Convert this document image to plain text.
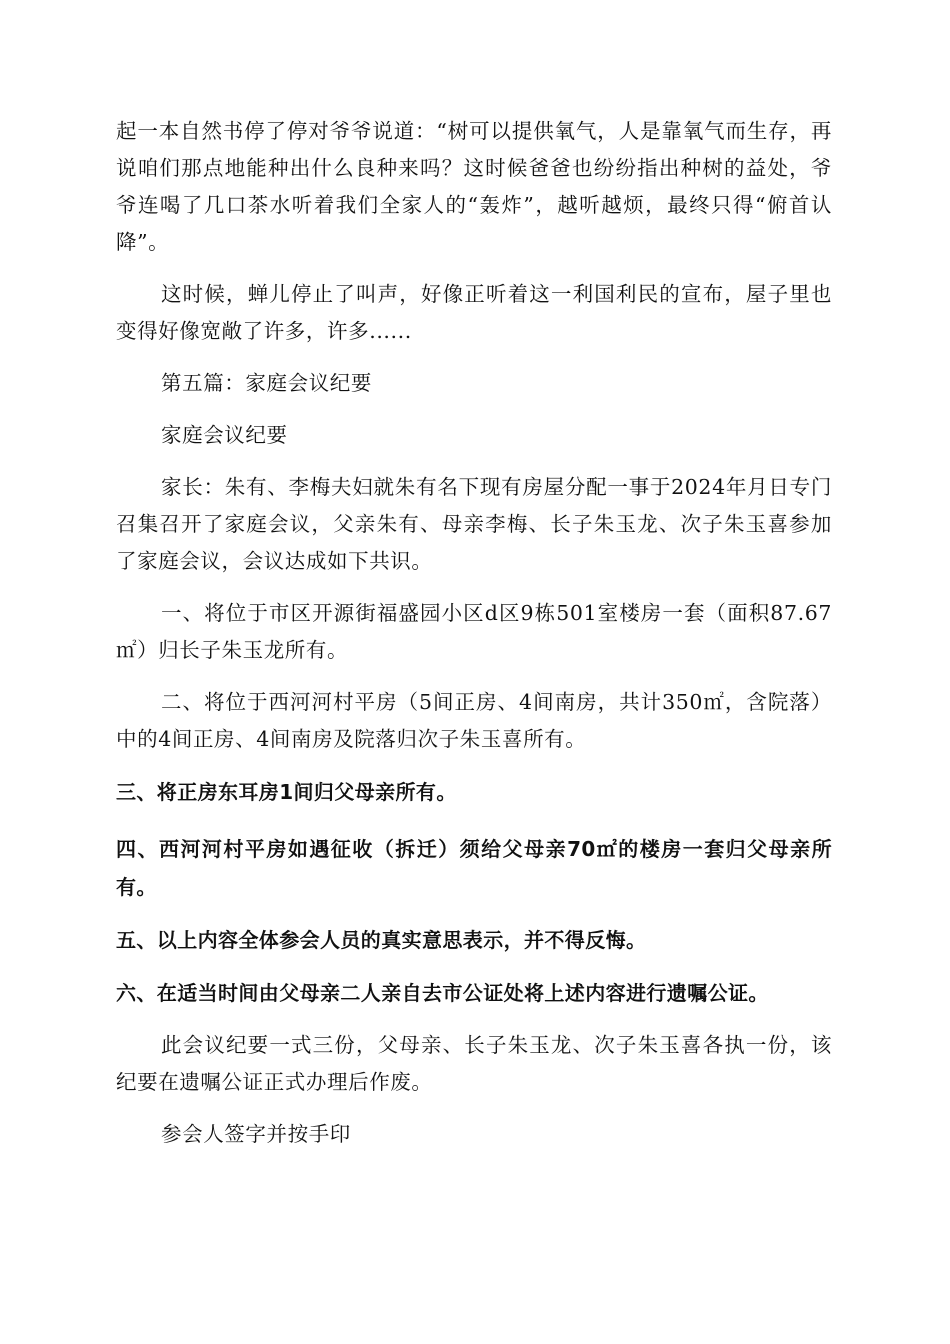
起一本自然书停了停对爷爷说道：“树可以提供氧气，人是靠氧气而生存，再说咱们那点地能种出什么良种来吗？这时候爸爸也纷纷指出种树的益处，爷爷连喝了几口茶水听着我们全家人的“轰炸”，越听越烦，最终只得“俯首认降”。

这时候，蝉儿停止了叫声，好像正听着这一利国利民的宣布，屋子里也变得好像宽敞了许多，许多......

第五篇：家庭会议纪要

家庭会议纪要

家长：朱有、李梅夫妇就朱有名下现有房屋分配一事于2024年月日专门召集召开了家庭会议，父亲朱有、母亲李梅、长子朱玉龙、次子朱玉喜参加了家庭会议，会议达成如下共识。

一、将位于市区开源街福盛园小区d区9栋501室楼房一套（面积87.67㎡）归长子朱玉龙所有。

二、将位于西河河村平房（5间正房、4间南房，共计350㎡，含院落）中的4间正房、4间南房及院落归次子朱玉喜所有。

三、将正房东耳房1间归父母亲所有。

四、西河河村平房如遇征收（拆迁）须给父母亲70㎡的楼房一套归父母亲所有。

五、以上内容全体参会人员的真实意思表示，并不得反悔。

六、在适当时间由父母亲二人亲自去市公证处将上述内容进行遗嘱公证。

此会议纪要一式三份，父母亲、长子朱玉龙、次子朱玉喜各执一份，该纪要在遗嘱公证正式办理后作废。

参会人签字并按手印
